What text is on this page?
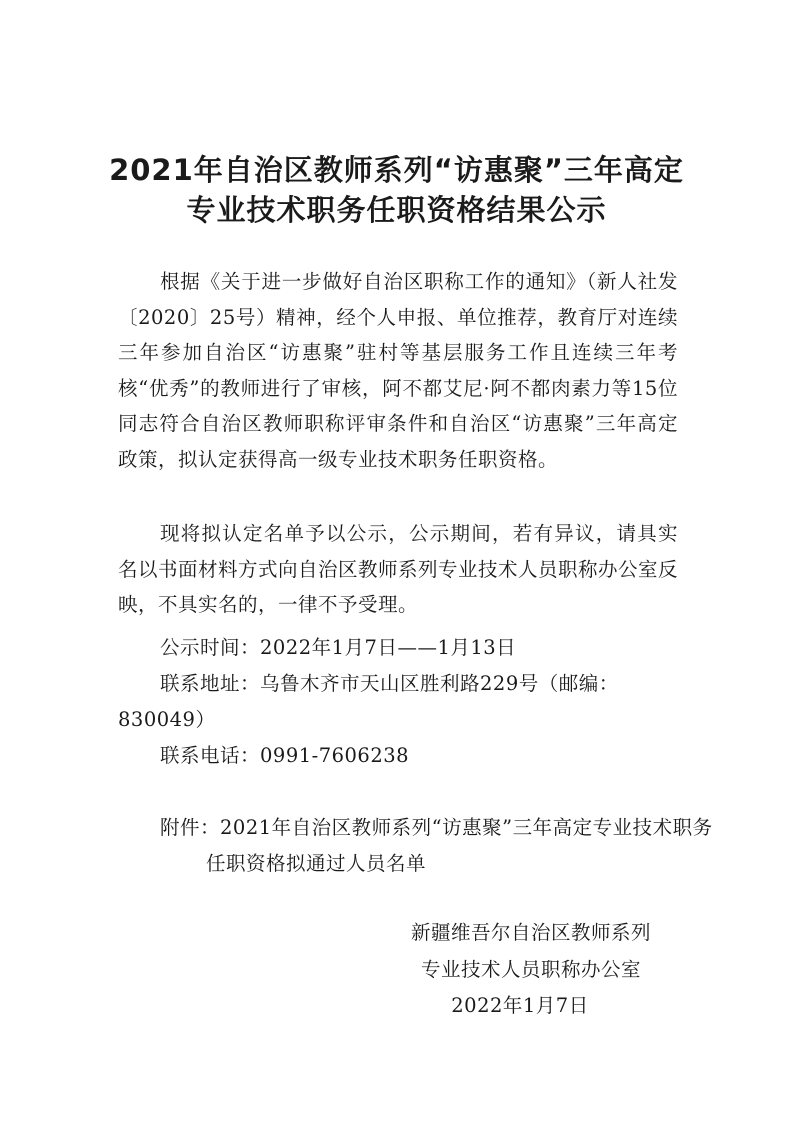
2021年自治区教师系列“访惠聚”三年高定
专业技术职务任职资格结果公示

根据《关于进一步做好自治区职称工作的通知》（新人社发〔2020〕25号）精神，经个人申报、单位推荐，教育厅对连续三年参加自治区“访惠聚”驻村等基层服务工作且连续三年考核“优秀”的教师进行了审核，阿不都艾尼·阿不都肉素力等15位同志符合自治区教师职称评审条件和自治区“访惠聚”三年高定政策，拟认定获得高一级专业技术职务任职资格。

现将拟认定名单予以公示，公示期间，若有异议，请具实名以书面材料方式向自治区教师系列专业技术人员职称办公室反映，不具实名的，一律不予受理。

公示时间：2022年1月7日——1月13日

联系地址：乌鲁木齐市天山区胜利路229号（邮编：830049）

联系电话：0991-7606238

附件：2021年自治区教师系列“访惠聚”三年高定专业技术职务任职资格拟通过人员名单

新疆维吾尔自治区教师系列

专业技术人员职称办公室

2022年1月7日
